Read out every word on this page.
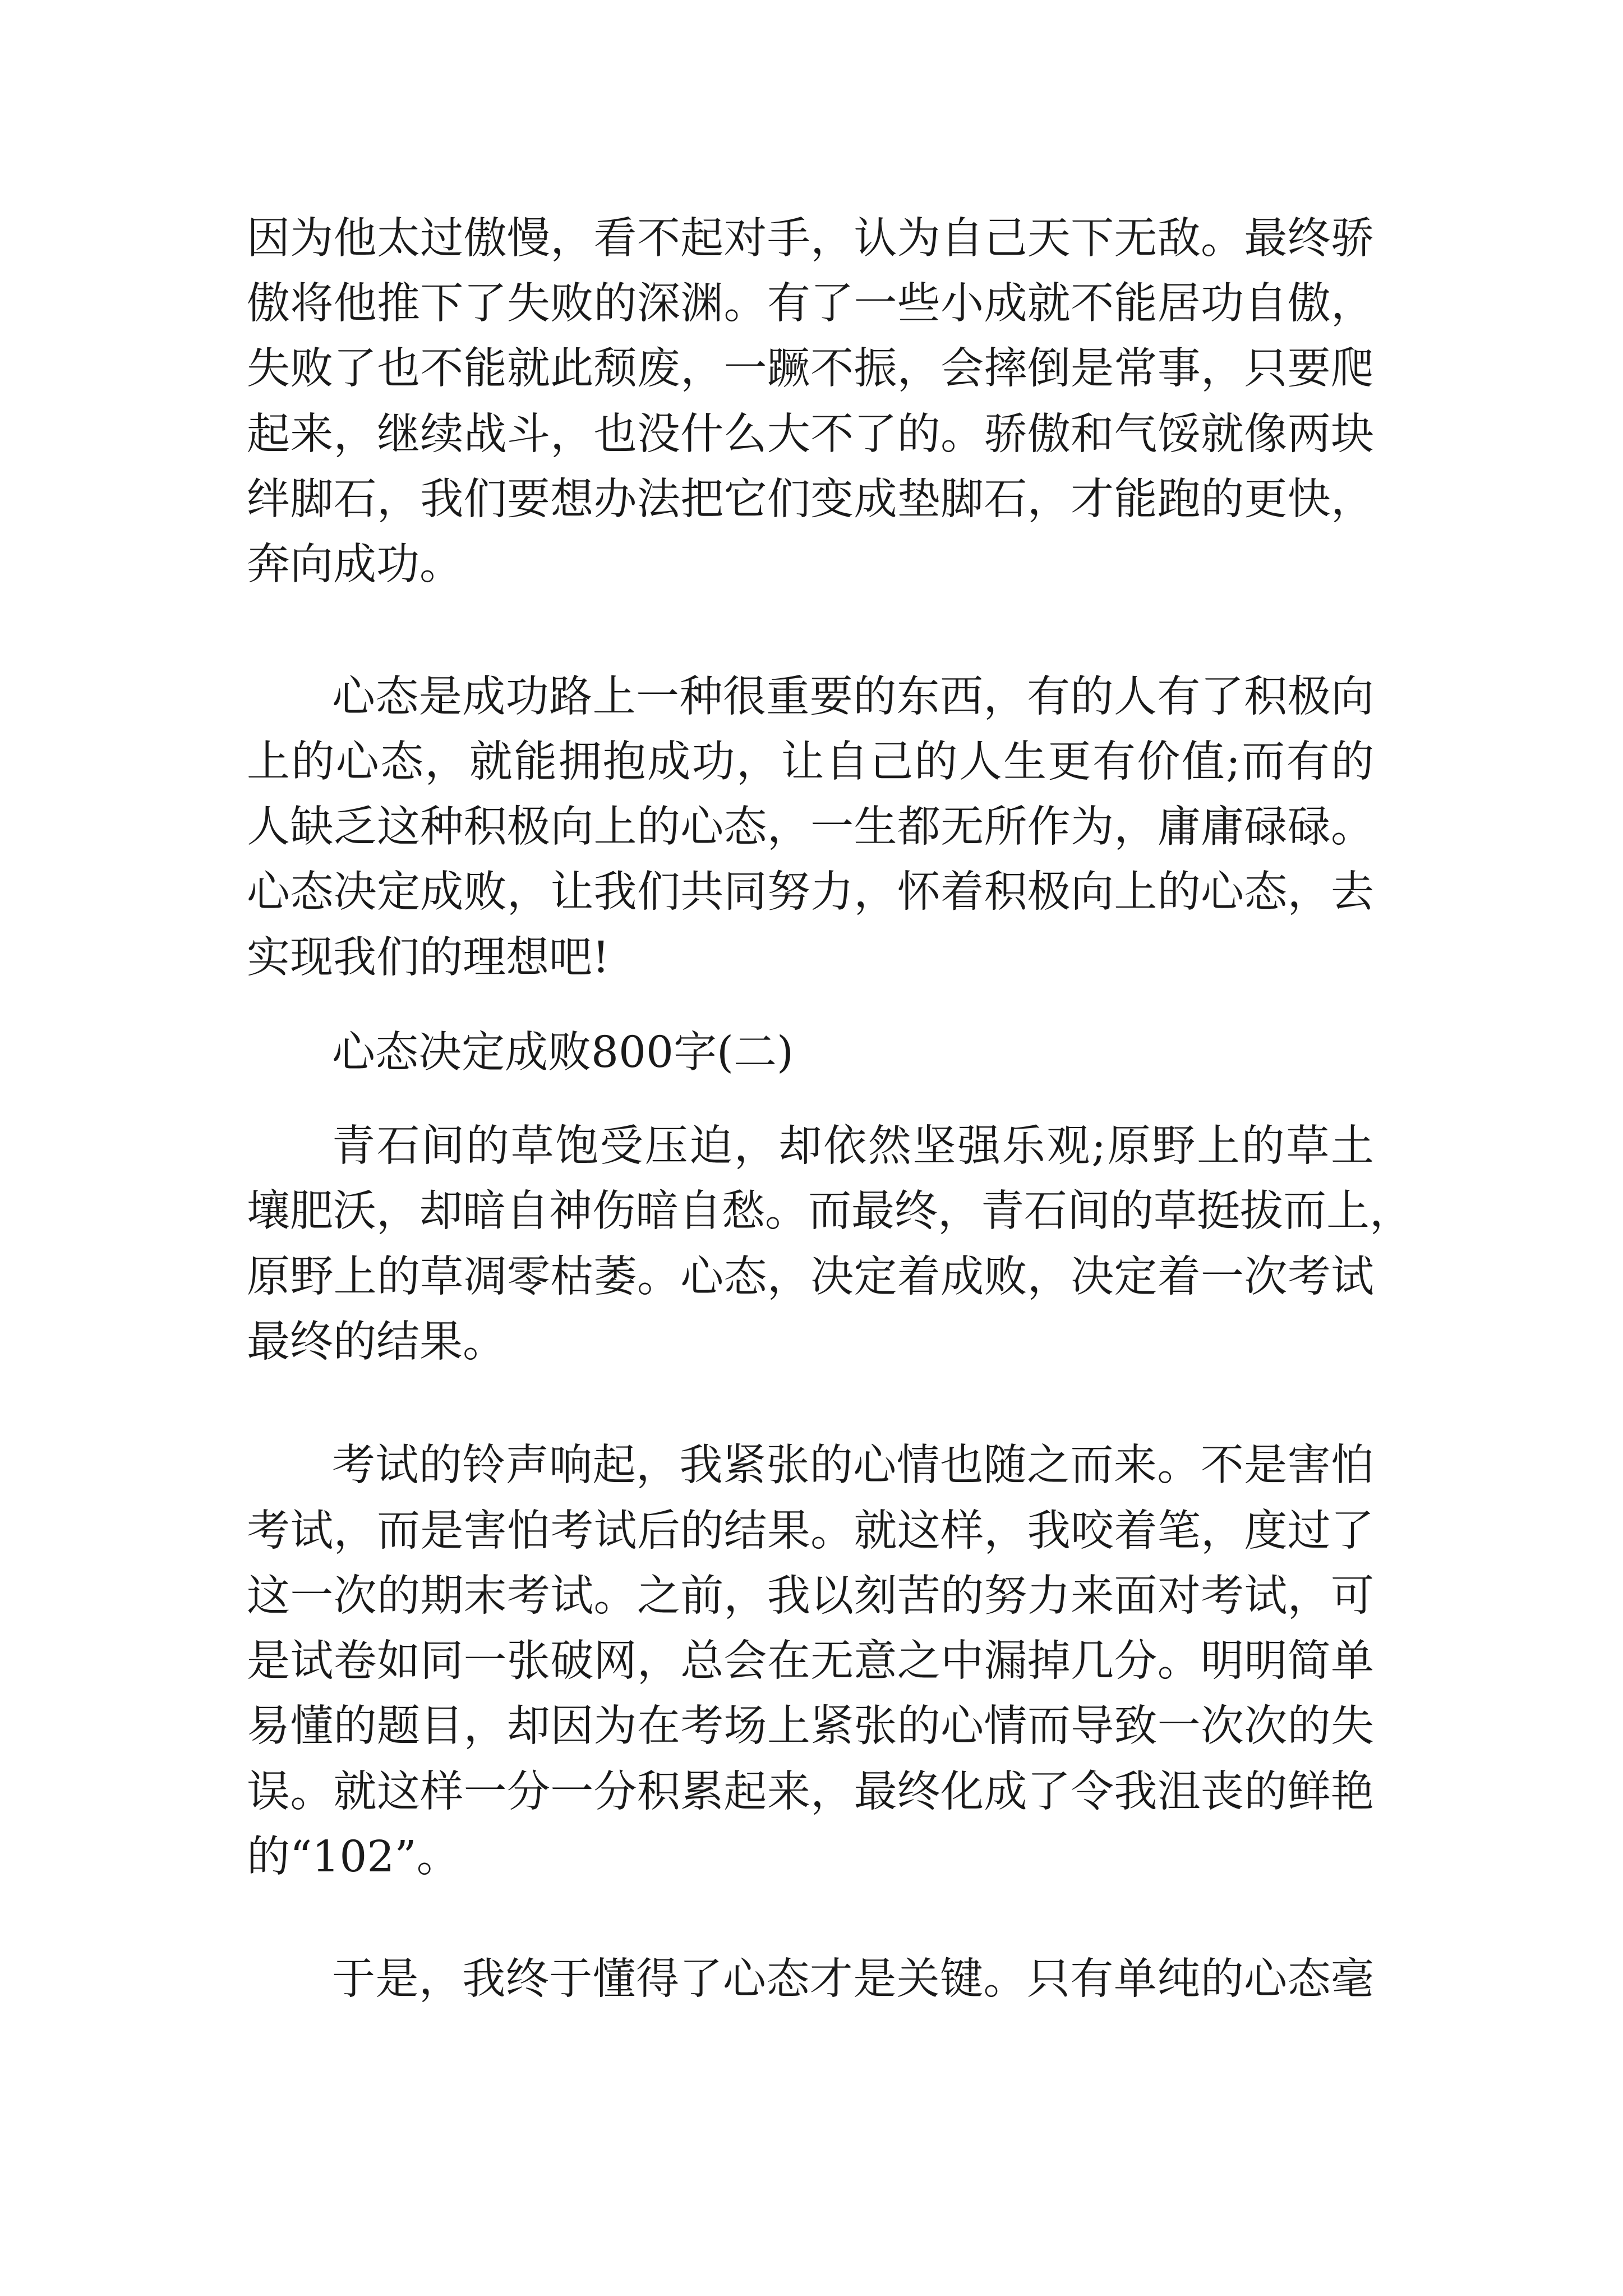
因为他太过傲慢，看不起对手，认为自己天下无敌。最终骄
傲将他推下了失败的深渊。有了一些小成就不能居功自傲，
失败了也不能就此颓废，一蹶不振，会摔倒是常事，只要爬
起来，继续战斗，也没什么大不了的。骄傲和气馁就像两块
绊脚石，我们要想办法把它们变成垫脚石，才能跑的更快，
奔向成功。
心态是成功路上一种很重要的东西，有的人有了积极向
上的心态，就能拥抱成功，让自己的人生更有价值;而有的
人缺乏这种积极向上的心态，一生都无所作为，庸庸碌碌。
心态决定成败，让我们共同努力，怀着积极向上的心态，去
实现我们的理想吧!
心态决定成败800字(二)
青石间的草饱受压迫，却依然坚强乐观;原野上的草土
壤肥沃，却暗自神伤暗自愁。而最终，青石间的草挺拔而上，
原野上的草凋零枯萎。心态，决定着成败，决定着一次考试
最终的结果。
考试的铃声响起，我紧张的心情也随之而来。不是害怕
考试，而是害怕考试后的结果。就这样，我咬着笔，度过了
这一次的期末考试。之前，我以刻苦的努力来面对考试，可
是试卷如同一张破网，总会在无意之中漏掉几分。明明简单
易懂的题目，却因为在考场上紧张的心情而导致一次次的失
误。就这样一分一分积累起来，最终化成了令我沮丧的鲜艳
的“102”。
于是，我终于懂得了心态才是关键。只有单纯的心态毫
